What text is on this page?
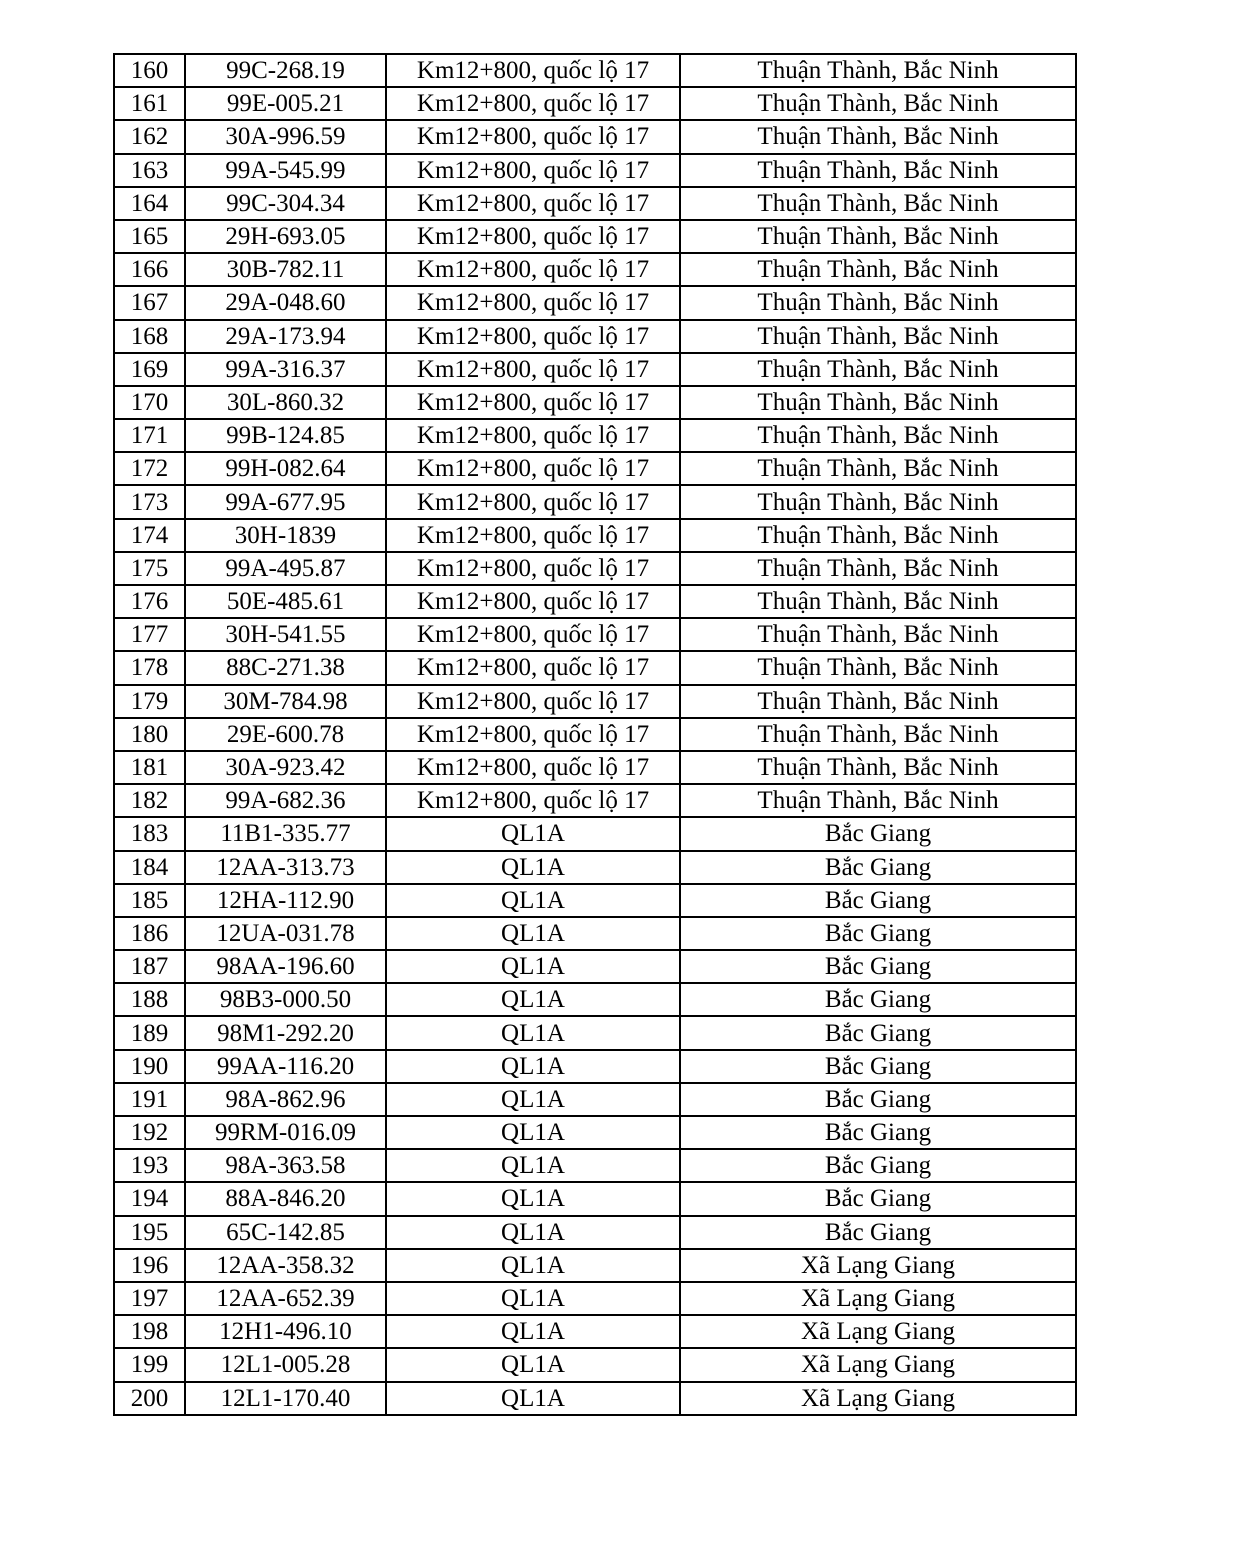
160	99C-268.19	Km12+800, quốc lộ 17	Thuận Thành, Bắc Ninh
161	99E-005.21	Km12+800, quốc lộ 17	Thuận Thành, Bắc Ninh
162	30A-996.59	Km12+800, quốc lộ 17	Thuận Thành, Bắc Ninh
163	99A-545.99	Km12+800, quốc lộ 17	Thuận Thành, Bắc Ninh
164	99C-304.34	Km12+800, quốc lộ 17	Thuận Thành, Bắc Ninh
165	29H-693.05	Km12+800, quốc lộ 17	Thuận Thành, Bắc Ninh
166	30B-782.11	Km12+800, quốc lộ 17	Thuận Thành, Bắc Ninh
167	29A-048.60	Km12+800, quốc lộ 17	Thuận Thành, Bắc Ninh
168	29A-173.94	Km12+800, quốc lộ 17	Thuận Thành, Bắc Ninh
169	99A-316.37	Km12+800, quốc lộ 17	Thuận Thành, Bắc Ninh
170	30L-860.32	Km12+800, quốc lộ 17	Thuận Thành, Bắc Ninh
171	99B-124.85	Km12+800, quốc lộ 17	Thuận Thành, Bắc Ninh
172	99H-082.64	Km12+800, quốc lộ 17	Thuận Thành, Bắc Ninh
173	99A-677.95	Km12+800, quốc lộ 17	Thuận Thành, Bắc Ninh
174	30H-1839	Km12+800, quốc lộ 17	Thuận Thành, Bắc Ninh
175	99A-495.87	Km12+800, quốc lộ 17	Thuận Thành, Bắc Ninh
176	50E-485.61	Km12+800, quốc lộ 17	Thuận Thành, Bắc Ninh
177	30H-541.55	Km12+800, quốc lộ 17	Thuận Thành, Bắc Ninh
178	88C-271.38	Km12+800, quốc lộ 17	Thuận Thành, Bắc Ninh
179	30M-784.98	Km12+800, quốc lộ 17	Thuận Thành, Bắc Ninh
180	29E-600.78	Km12+800, quốc lộ 17	Thuận Thành, Bắc Ninh
181	30A-923.42	Km12+800, quốc lộ 17	Thuận Thành, Bắc Ninh
182	99A-682.36	Km12+800, quốc lộ 17	Thuận Thành, Bắc Ninh
183	11B1-335.77	QL1A	Bắc Giang
184	12AA-313.73	QL1A	Bắc Giang
185	12HA-112.90	QL1A	Bắc Giang
186	12UA-031.78	QL1A	Bắc Giang
187	98AA-196.60	QL1A	Bắc Giang
188	98B3-000.50	QL1A	Bắc Giang
189	98M1-292.20	QL1A	Bắc Giang
190	99AA-116.20	QL1A	Bắc Giang
191	98A-862.96	QL1A	Bắc Giang
192	99RM-016.09	QL1A	Bắc Giang
193	98A-363.58	QL1A	Bắc Giang
194	88A-846.20	QL1A	Bắc Giang
195	65C-142.85	QL1A	Bắc Giang
196	12AA-358.32	QL1A	Xã Lạng Giang
197	12AA-652.39	QL1A	Xã Lạng Giang
198	12H1-496.10	QL1A	Xã Lạng Giang
199	12L1-005.28	QL1A	Xã Lạng Giang
200	12L1-170.40	QL1A	Xã Lạng Giang
